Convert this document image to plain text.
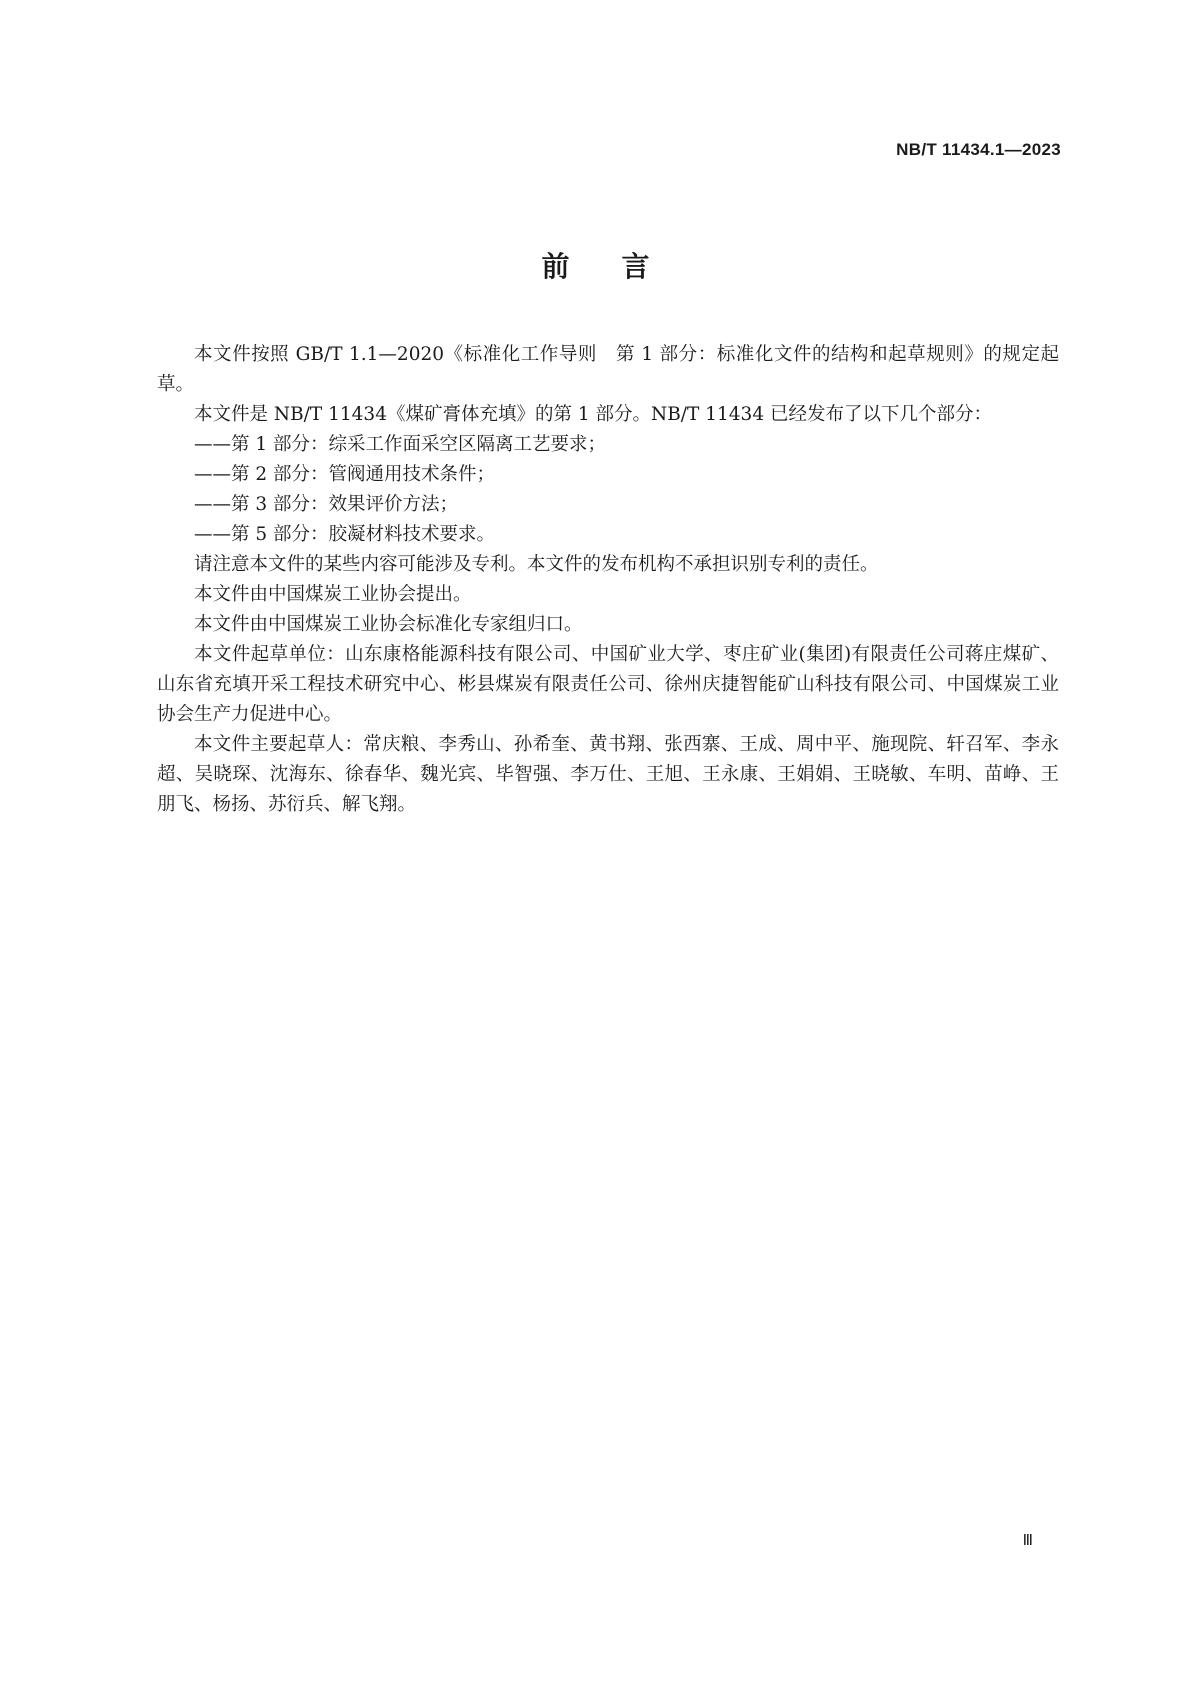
NB/T 11434.1—2023
前言

本文件按照 GB/T 1.1—2020《标准化工作导则　第 1 部分：标准化文件的结构和起草规则》的规定起草。

本文件是 NB/T 11434《煤矿膏体充填》的第 1 部分。NB/T 11434 已经发布了以下几个部分：

——第 1 部分：综采工作面采空区隔离工艺要求；

——第 2 部分：管阀通用技术条件；

——第 3 部分：效果评价方法；

——第 5 部分：胶凝材料技术要求。

请注意本文件的某些内容可能涉及专利。本文件的发布机构不承担识别专利的责任。

本文件由中国煤炭工业协会提出。

本文件由中国煤炭工业协会标准化专家组归口。

本文件起草单位：山东康格能源科技有限公司、中国矿业大学、枣庄矿业(集团)有限责任公司蒋庄煤矿、山东省充填开采工程技术研究中心、彬县煤炭有限责任公司、徐州庆捷智能矿山科技有限公司、中国煤炭工业协会生产力促进中心。

本文件主要起草人：常庆粮、李秀山、孙希奎、黄书翔、张西寨、王成、周中平、施现院、轩召军、李永超、吴晓琛、沈海东、徐春华、魏光宾、毕智强、李万仕、王旭、王永康、王娟娟、王晓敏、车明、苗峥、王朋飞、杨扬、苏衍兵、解飞翔。

Ⅲ
